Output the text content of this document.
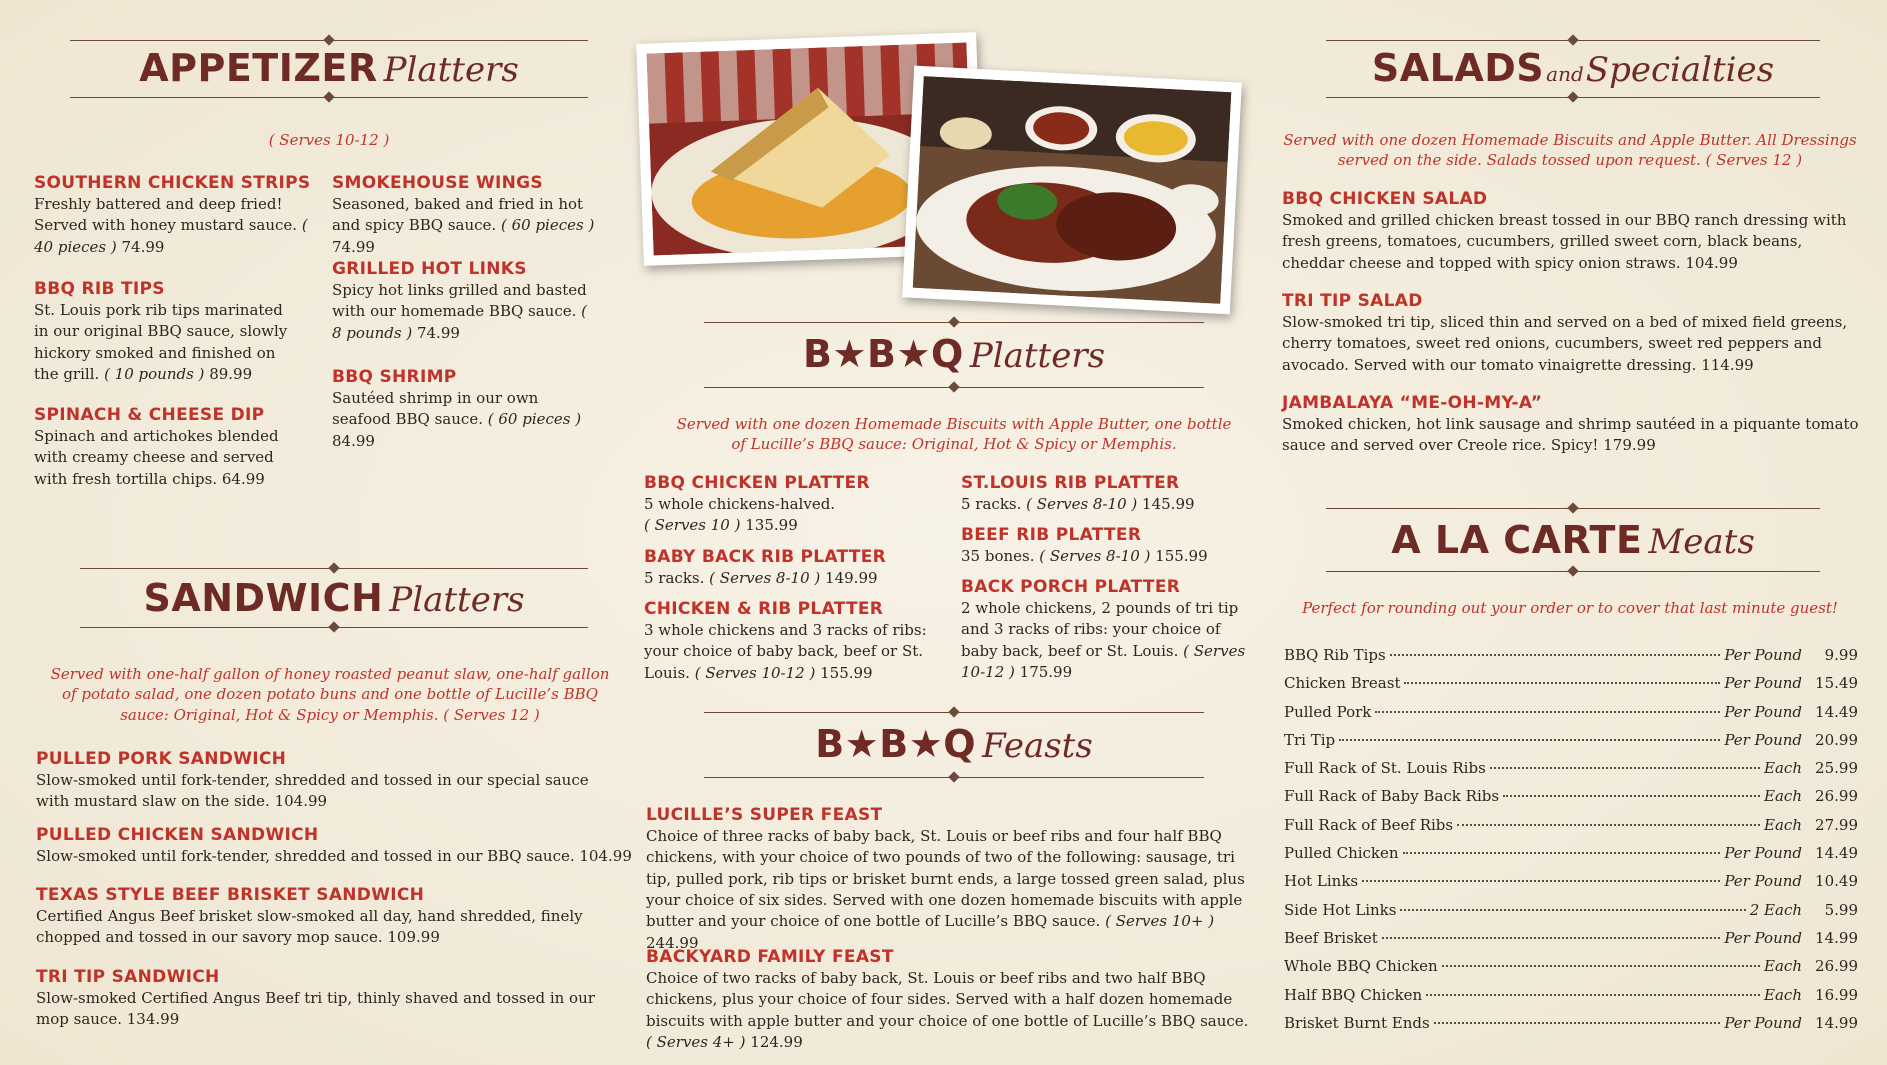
APPETIZER Platters
( Serves 10-12 )
SOUTHERN CHICKEN STRIPS
Freshly battered and deep fried! Served with honey mustard sauce. ( 40 pieces ) 74.99
BBQ RIB TIPS
St. Louis pork rib tips marinated in our original BBQ sauce, slowly hickory smoked and finished on the grill. ( 10 pounds ) 89.99
SPINACH & CHEESE DIP
Spinach and artichokes blended with creamy cheese and served with fresh tortilla chips. 64.99
SMOKEHOUSE WINGS
Seasoned, baked and fried in hot and spicy BBQ sauce. ( 60 pieces ) 74.99
GRILLED HOT LINKS
Spicy hot links grilled and basted with our homemade BBQ sauce. ( 8 pounds ) 74.99
BBQ SHRIMP
Sautéed shrimp in our own seafood BBQ sauce. ( 60 pieces ) 84.99
SANDWICH Platters
Served with one-half gallon of honey roasted peanut slaw, one-half gallon of potato salad, one dozen potato buns and one bottle of Lucille’s BBQ sauce: Original, Hot & Spicy or Memphis. ( Serves 12 )
PULLED PORK SANDWICH
Slow-smoked until fork-tender, shredded and tossed in our special sauce with mustard slaw on the side. 104.99
PULLED CHICKEN SANDWICH
Slow-smoked until fork-tender, shredded and tossed in our BBQ sauce. 104.99
TEXAS STYLE BEEF BRISKET SANDWICH
Certified Angus Beef brisket slow-smoked all day, hand shredded, finely chopped and tossed in our savory mop sauce. 109.99
TRI TIP SANDWICH
Slow-smoked Certified Angus Beef tri tip, thinly shaved and tossed in our mop sauce. 134.99
B★B★Q Platters
Served with one dozen Homemade Biscuits with Apple Butter, one bottle of Lucille’s BBQ sauce: Original, Hot & Spicy or Memphis.
BBQ CHICKEN PLATTER
5 whole chickens-halved.
( Serves 10 ) 135.99
BABY BACK RIB PLATTER
5 racks. ( Serves 8-10 ) 149.99
CHICKEN & RIB PLATTER
3 whole chickens and 3 racks of ribs: your choice of baby back, beef or St. Louis. ( Serves 10-12 ) 155.99
ST.LOUIS RIB PLATTER
5 racks. ( Serves 8-10 ) 145.99
BEEF RIB PLATTER
35 bones. ( Serves 8-10 ) 155.99
BACK PORCH PLATTER
2 whole chickens, 2 pounds of tri tip and 3 racks of ribs: your choice of baby back, beef or St. Louis. ( Serves 10-12 ) 175.99
B★B★Q Feasts
LUCILLE’S SUPER FEAST
Choice of three racks of baby back, St. Louis or beef ribs and four half BBQ chickens, with your choice of two pounds of two of the following: sausage, tri tip, pulled pork, rib tips or brisket burnt ends, a large tossed green salad, plus your choice of six sides. Served with one dozen homemade biscuits with apple butter and your choice of one bottle of Lucille’s BBQ sauce. ( Serves 10+ ) 244.99
BACKYARD FAMILY FEAST
Choice of two racks of baby back, St. Louis or beef ribs and two half BBQ chickens, plus your choice of four sides. Served with a half dozen homemade biscuits with apple butter and your choice of one bottle of Lucille’s BBQ sauce. ( Serves 4+ ) 124.99
SALADS andSpecialties
Served with one dozen Homemade Biscuits and Apple Butter. All Dressings served on the side. Salads tossed upon request. ( Serves 12 )
BBQ CHICKEN SALAD
Smoked and grilled chicken breast tossed in our BBQ ranch dressing with fresh greens, tomatoes, cucumbers, grilled sweet corn, black beans, cheddar cheese and topped with spicy onion straws. 104.99
TRI TIP SALAD
Slow-smoked tri tip, sliced thin and served on a bed of mixed field greens, cherry tomatoes, sweet red onions, cucumbers, sweet red peppers and avocado. Served with our tomato vinaigrette dressing. 114.99
JAMBALAYA “ME-OH-MY-A”
Smoked chicken, hot link sausage and shrimp sautéed in a piquante tomato sauce and served over Creole rice. Spicy! 179.99
A LA CARTE Meats
Perfect for rounding out your order or to cover that last minute guest!
BBQ Rib Tips	Per Pound	9.99
Chicken Breast	Per Pound 15.49
Pulled Pork	Per Pound 14.49
Tri Tip	Per Pound 20.99
Full Rack of St. Louis Ribs	Each 25.99
Full Rack of Baby Back Ribs	Each 26.99
Full Rack of Beef Ribs	Each 27.99
Pulled Chicken	Per Pound 14.49
Hot Links	Per Pound 10.49
Side Hot Links	2 Each	5.99
Beef Brisket	Per Pound 14.99
Whole BBQ Chicken	Each 26.99
Half BBQ Chicken	Each 16.99
Brisket Burnt Ends	Per Pound 14.99
